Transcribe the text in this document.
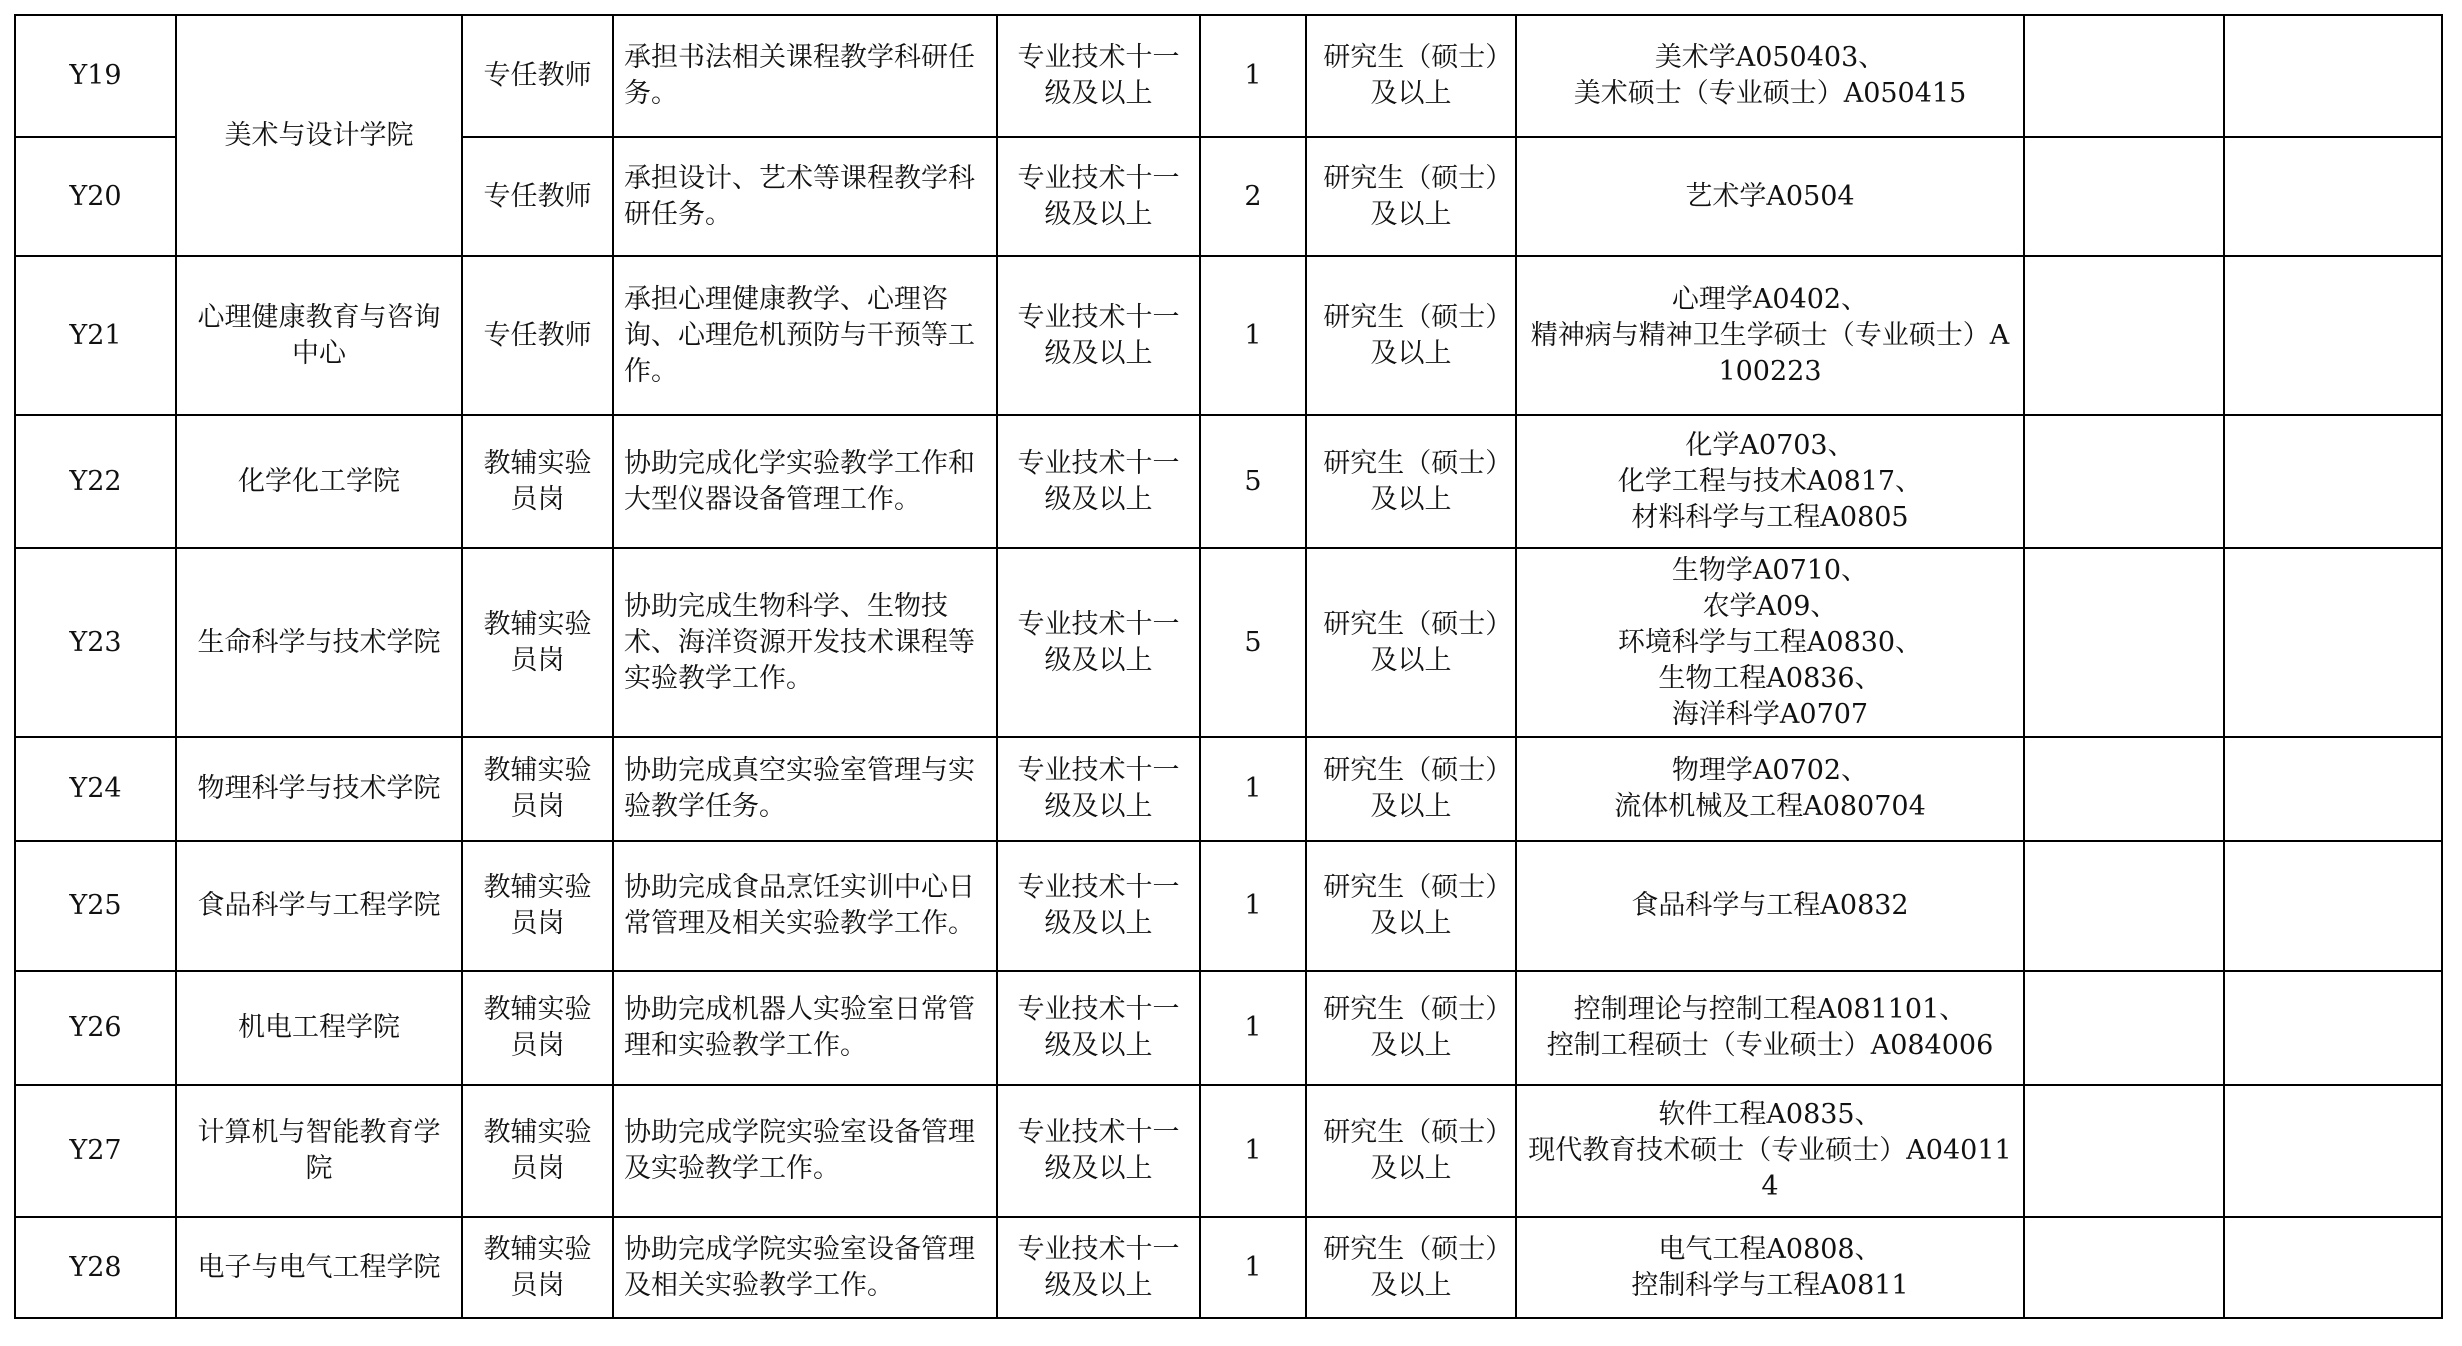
Y19	美术与设计学院	专任教师	承担书法相关课程教学科研任务。	专业技术十一级及以上	1	研究生（硕士）及以上	美术学A050403、
美术硕士（专业硕士）A050415		

Y20		专任教师	承担设计、艺术等课程教学科研任务。	专业技术十一级及以上	2	研究生（硕士）及以上	艺术学A0504		

Y21	心理健康教育与咨询中心	专任教师	承担心理健康教学、心理咨询、心理危机预防与干预等工作。	专业技术十一级及以上	1	研究生（硕士）及以上	心理学A0402、
精神病与精神卫生学硕士（专业硕士）A100223		

Y22	化学化工学院	教辅实验员岗	协助完成化学实验教学工作和大型仪器设备管理工作。	专业技术十一级及以上	5	研究生（硕士）及以上	化学A0703、
化学工程与技术A0817、
材料科学与工程A0805		

Y23	生命科学与技术学院	教辅实验员岗	协助完成生物科学、生物技术、海洋资源开发技术课程等实验教学工作。	专业技术十一级及以上	5	研究生（硕士）及以上	生物学A0710、
农学A09、
环境科学与工程A0830、
生物工程A0836、
海洋科学A0707		

Y24	物理科学与技术学院	教辅实验员岗	协助完成真空实验室管理与实验教学任务。	专业技术十一级及以上	1	研究生（硕士）及以上	物理学A0702、
流体机械及工程A080704		

Y25	食品科学与工程学院	教辅实验员岗	协助完成食品烹饪实训中心日常管理及相关实验教学工作。	专业技术十一级及以上	1	研究生（硕士）及以上	食品科学与工程A0832		

Y26	机电工程学院	教辅实验员岗	协助完成机器人实验室日常管理和实验教学工作。	专业技术十一级及以上	1	研究生（硕士）及以上	控制理论与控制工程A081101、
控制工程硕士（专业硕士）A084006		

Y27	计算机与智能教育学院	教辅实验员岗	协助完成学院实验室设备管理及实验教学工作。	专业技术十一级及以上	1	研究生（硕士）及以上	软件工程A0835、
现代教育技术硕士（专业硕士）A040114		

Y28	电子与电气工程学院	教辅实验员岗	协助完成学院实验室设备管理及相关实验教学工作。	专业技术十一级及以上	1	研究生（硕士）及以上	电气工程A0808、
控制科学与工程A0811		
